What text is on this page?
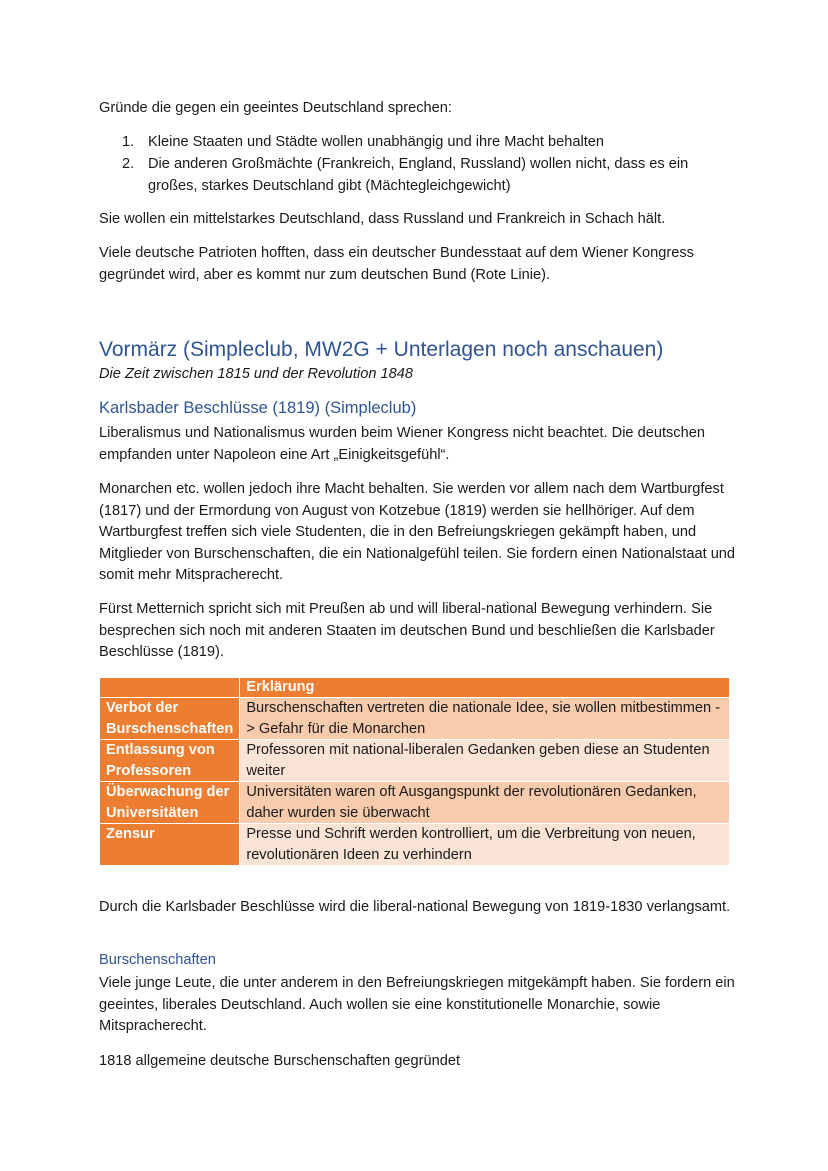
Gründe die gegen ein geeintes Deutschland sprechen:

1. Kleine Staaten und Städte wollen unabhängig und ihre Macht behalten
2. Die anderen Großmächte (Frankreich, England, Russland) wollen nicht, dass es ein großes, starkes Deutschland gibt (Mächtegleichgewicht)

Sie wollen ein mittelstarkes Deutschland, dass Russland und Frankreich in Schach hält.

Viele deutsche Patrioten hofften, dass ein deutscher Bundesstaat auf dem Wiener Kongress gegründet wird, aber es kommt nur zum deutschen Bund (Rote Linie).

Vormärz (Simpleclub, MW2G + Unterlagen noch anschauen)

Die Zeit zwischen 1815 und der Revolution 1848

Karlsbader Beschlüsse (1819) (Simpleclub)

Liberalismus und Nationalismus wurden beim Wiener Kongress nicht beachtet. Die deutschen empfanden unter Napoleon eine Art „Einigkeitsgefühl“.

Monarchen etc. wollen jedoch ihre Macht behalten. Sie werden vor allem nach dem Wartburgfest (1817) und der Ermordung von August von Kotzebue (1819) werden sie hellhöriger. Auf dem Wartburgfest treffen sich viele Studenten, die in den Befreiungskriegen gekämpft haben, und Mitglieder von Burschenschaften, die ein Nationalgefühl teilen. Sie fordern einen Nationalstaat und somit mehr Mitspracherecht.

Fürst Metternich spricht sich mit Preußen ab und will liberal-national Bewegung verhindern. Sie besprechen sich noch mit anderen Staaten im deutschen Bund und beschließen die Karlsbader Beschlüsse (1819).

	Erklärung
Verbot der Burschenschaften	Burschenschaften vertreten die nationale Idee, sie wollen mitbestimmen -> Gefahr für die Monarchen
Entlassung von Professoren	Professoren mit national-liberalen Gedanken geben diese an Studenten weiter
Überwachung der Universitäten	Universitäten waren oft Ausgangspunkt der revolutionären Gedanken, daher wurden sie überwacht
Zensur	Presse und Schrift werden kontrolliert, um die Verbreitung von neuen, revolutionären Ideen zu verhindern

Durch die Karlsbader Beschlüsse wird die liberal-national Bewegung von 1819-1830 verlangsamt.

Burschenschaften

Viele junge Leute, die unter anderem in den Befreiungskriegen mitgekämpft haben. Sie fordern ein geeintes, liberales Deutschland. Auch wollen sie eine konstitutionelle Monarchie, sowie Mitspracherecht.

1818 allgemeine deutsche Burschenschaften gegründet
